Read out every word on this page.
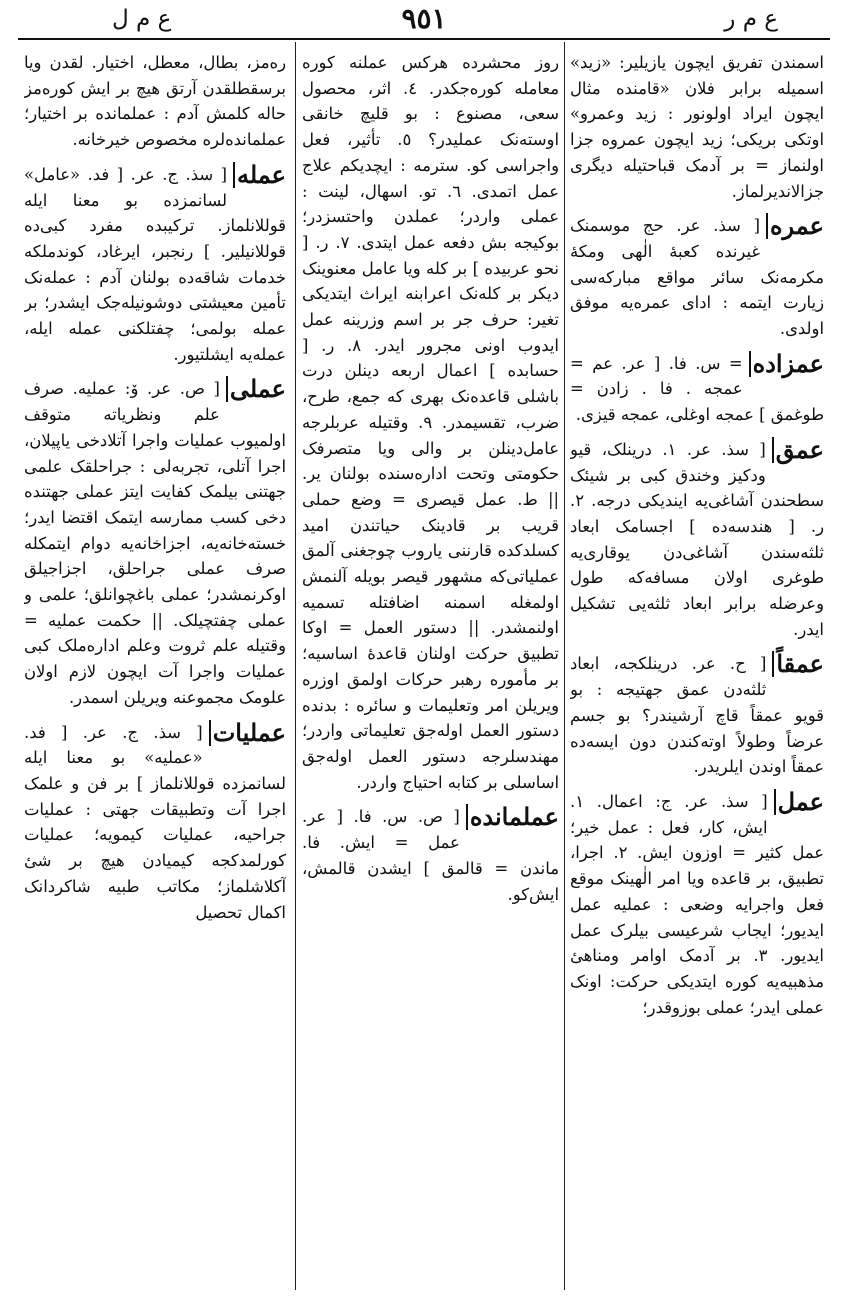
ع م ر
٩٥١
ع م ل
اسمندن تفریق ایچون یازیلیر: «زید» اسمیله برابر فلان «قامنده مثال ایچون ایراد اولونور : زید وعمرو» اوتکی بریکی؛ زید ایچون عمروه جزا اولنماز = بر آدمک قباحتیله دیگری جزالاندیرلماز.
عمره
[ سذ. عر. حج موسمنک غیرنده کعبهٔ الٰهی ومکهٔ مکرمه‌نک سائر مواقع مبارکه‌سی زیارت ایتمه : ادای عمره‌یه موفق اولدی.
عمزاده
= س. فا. [ عر. عم = عمجه . فا . زادن = طوغمق ] عمجه اوغلی، عمجه قیزی.
عمق
[ سذ. عر. ١. درینلک، قیو ودکیز وخندق کبی بر شیئک سطحندن آشاغی‌یه ایندیکی درجه. ٢. ر. [ هندسه‌ده ] اجسامک ابعاد ثلثه‌سندن آشاغی‌دن یوقاری‌یه طوغری اولان مسافه‌که طول وعرضله برابر ابعاد ثلثه‌یی تشکیل ایدر.
عمقاً
[ ح. عر. درینلکجه، ابعاد ثلثه‌دن عمق جهتیجه : بو قویو عمقاً قاچ آرشیندر؟ بو جسم عرضاً وطولاً اوته‌کندن دون ایسه‌ده عمقاً اوندن ایلریدر.
عمل
[ سذ. عر. ج: اعمال. ١. ایش، کار، فعل : عمل خیر؛ عمل کثیر = اوزون ایش. ٢. اجرا، تطبیق، بر قاعده ویا امر الٰهینک موقع فعل واجرایه وضعی : عملیه عمل ایدیور؛ ایجاب شرعیسی بیلرک عمل ایدیور. ٣. بر آدمک اوامر ومناهیٔ مذهبیه‌یه کوره ایتدیکی حرکت: اونک عملی ایدر؛ عملی بوزوقدر؛
روز محشرده هرکس عملنه کوره معامله کوره‌جکدر. ٤. اثر، محصول سعی، مصنوع : بو قلیچ خانقی اوسته‌نک عملیدر؟ ٥. تأثیر، فعل واجراسی کو. سترمه : ایچدیکم علاج عمل اتمدی. ٦. تو. اسهال، لینت : عملی واردر؛ عملدن واحتسزدر؛ بوکیجه بش دفعه عمل ایتدی. ٧. ر. [ نحو عربیده ] بر کله ویا عامل معنوینک دیکر بر کله‌نک اعرابنه ایراث ایتدیکی تغیر: حرف جر بر اسم وزرینه عمل ایدوب اونی مجرور ایدر. ٨. ر. [ حسابده ] اعمال اربعه دینلن درت باشلی قاعده‌نک بهری که جمع، طرح، ضرب، تقسیمدر. ٩. وقتیله عربلرجه عامل‌دینلن بر والی ویا متصرفک حکومتی وتحت اداره‌سنده بولنان یر. || ط. عمل قیصری = وضع حملی قریب بر قادینک حیاتندن امید کسلدکده قارننی یاروب چوجغنی آلمق عملیاتی‌که مشهور قیصر بویله آلنمش اولمغله اسمنه اضافتله تسمیه اولنمشدر. || دستور العمل = اوکا تطبیق حرکت اولنان قاعدهٔ اساسیه؛ بر مأموره رهبر حرکات اولمق اوزره ویریلن امر وتعلیمات و سائره : بدنده دستور العمل اوله‌جق تعلیماتی واردر؛ مهندسلرجه دستور العمل اوله‌جق اساسلی بر کتابه احتیاج واردر.
عملمانده
[ ص. س. فا. [ عر. عمل = ایش. فا. ماندن = قالمق ] ایشدن قالمش، ایش‌کو.
ره‌مز، بطال، معطل، اختیار. لقدن ویا برسقطلقدن آرتق هیچ بر ایش کوره‌مز حاله کلمش آدم : عملمانده بر اختیار؛ عملمانده‌لره مخصوص خیرخانه.
عمله
[ سذ. ج. عر. [ فد. «عامل» لسانمزده بو معنا ایله قوللانلماز. ترکیبده مفرد کبی‌ده قوللانیلیر. ] رنجبر، ایرغاد، کوندملکه خدمات شاقه‌ده بولنان آدم : عمله‌نک تأمین معیشتی دوشونیله‌جک ایشدر؛ بر عمله بولمی؛ چفتلکنی عمله ایله، عمله‌یه ایشلتیور.
عملی
[ ص. عر. ۆ: عملیه. صرف علم ونظریاته متوقف اولمیوب عملیات واجرا آتلادخی یاپیلان، اجرا آتلی، تجربه‌لی : جراحلقک علمی جهتنی بیلمک کفایت ایتز عملی جهتنده دخی کسب ممارسه ایتمک اقتضا ایدر؛ خسته‌خانه‌یه، اجزاخانه‌یه دوام ایتمکله صرف عملی جراحلق، اجزاجیلق اوکرنمشدر؛ عملی باغچوانلق؛ علمی و عملی چفتچیلک. || حکمت عملیه = وقتیله علم ثروت وعلم اداره‌ملک کبی عملیات واجرا آت ایچون لازم اولان علومک مجموعنه ویریلن اسمدر.
عملیات
[ سذ. ج. عر. [ فد. «عملیه» بو معنا ایله لسانمزده قوللانلماز ] بر فن و علمک اجرا آت وتطبیقات جهتی : عملیات جراحیه، عملیات کیمویه؛ عملیات کورلمدکجه کیمیادن هیچ بر شیٔ آکلاشلماز؛ مکاتب طبیه شاکردانک اکمال تحصیل
